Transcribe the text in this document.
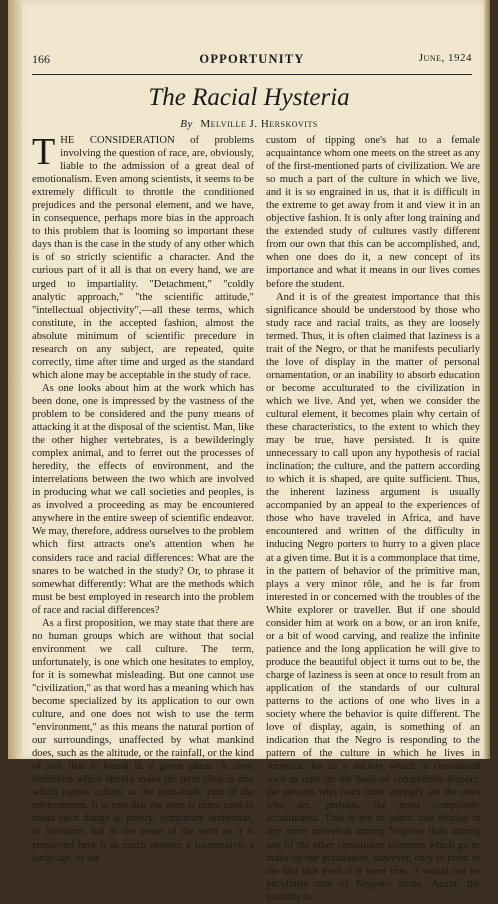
166	OPPORTUNITY	June, 1924
The Racial Hysteria
By Melville J. Herskovits

THE CONSIDERATION of problems involving the question of race, are, obviously, liable to the admission of a great deal of emotionalism. Even among scientists, it seems to be extremely difficult to throttle the conditioned prejudices and the personal element, and we have, in consequence, perhaps more bias in the approach to this problem that is looming so important these days than is the case in the study of any other which is of so strictly scientific a character. And the curious part of it all is that on every hand, we are urged to impartiality. "Detachment," "coldly analytic approach," "the scientific attitude," "intellectual objectivity",—all these terms, which constitute, in the accepted fashion, almost the absolute minimum of scientific precedure in research on any subject, are repeated, quite correctly, time after time and urged as the standard which alone may be acceptable in the study of race.

As one looks about him at the work which has been done, one is impressed by the vastness of the problem to be considered and the puny means of attacking it at the disposal of the scientist. Man, like the other higher vertebrates, is a bewilderingly complex animal, and to ferret out the processes of heredity, the effects of environment, and the interrelations between the two which are involved in producing what we call societies and peoples, is as involved a proceeding as may be encountered anywhere in the entire sweep of scientific endeavor. We may, therefore, address ourselves to the problem which first attracts one's attention when he considers race and racial differences: What are the snares to be watched in the study? Or, to phrase it somewhat differently: What are the methods which must be best employed in research into the problem of race and racial differences?

As a first proposition, we may state that there are no human groups which are without that social environment we call culture. The term, unfortunately, is one which one hesitates to employ, for it is somewhat misleading. But one cannot use "civilization," as that word has a meaning which has become specialized by its application to our own culture, and one does not wish to use the term "environment," as this means the natural portion of our surroundings, unaffected by what mankind does, such as the altitude, or the rainfall, or the kind of soil that is found in a given place. A short definition which should make the term clear is that which names culture as the man-made part of the environment. It is true that the term is often used to mean such things as poetry, symphony orchestras, or literature, but in the sense of the term as it is employed here it as much denotes a locomotive, a language, or the

custom of tipping one's hat to a female acquaintance whom one meets on the street as any of the first-mentioned parts of civilization. We are so much a part of the culture in which we live, and it is so engrained in us, that it is difficult in the extreme to get away from it and view it in an objective fashion. It is only after long training and the extended study of cultures vastly different from our own that this can be accomplished, and, when one does do it, a new concept of its importance and what it means in our lives comes before the student.

And it is of the greatest importance that this significance should be understood by those who study race and racial traits, as they are loosely termed. Thus, it is often claimed that laziness is a trait of the Negro, or that he manifests peculiarly the love of display in the matter of personal ornamentation, or an inability to absorb education or become acculturated to the civilization in which we live. And yet, when we consider the cultural element, it becomes plain why certain of these characteristics, to the extent to which they may be true, have persisted. It is quite unnecessary to call upon any hypothesis of racial inclination; the culture, and the pattern according to which it is shaped, are quite sufficient. Thus, the inherent laziness argument is usually accompanied by an appeal to the experiences of those who have traveled in Africa, and have encountered and written of the difficulty in inducing Negro porters to hurry to a given place at a given time. But it is a commonplace that time, in the pattern of behavior of the primitive man, plays a very minor rôle, and he is far from interested in or concerned with the troubles of the White explorer or traveller. But if one should consider him at work on a bow, or an iron knife, or a bit of wood carving, and realize the infinite patience and the long application he will give to produce the beautiful object it turns out to be, the charge of laziness is seen at once to result from an application of the standards of our cultural patterns to the actions of one who lives in a society where the behavior is quite different. The love of display, again, is something of an indication that the Negro is responding to the pattern of the culture in which he lives in America, for in a society which is constituted such as ours on the basis of competitive display, the persons who react most strongly are the ones who are, perhaps, the most completely acculturated. This is not to admit that display is any more universal among Negroes than among any of the other constituent elements which go to make up our population, however, only to point to the fact that even if it were true, it would not be peculiarly true of Negroes alone. Again, the inability to
